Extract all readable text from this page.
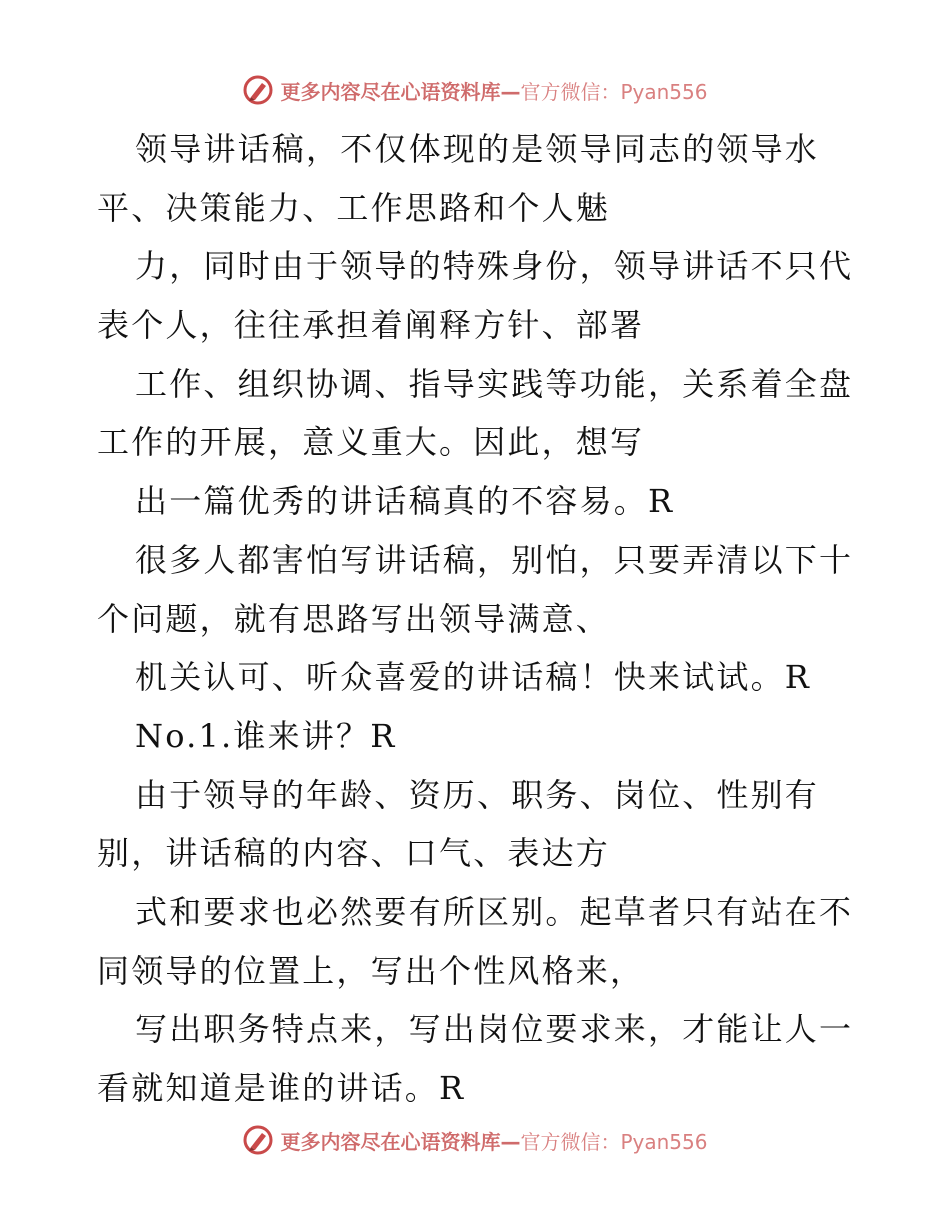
更多内容尽在心语资料库—官方微信：Pyan556
领导讲话稿，不仅体现的是领导同志的领导水
平、决策能力、工作思路和个人魅
力，同时由于领导的特殊身份，领导讲话不只代
表个人，往往承担着阐释方针、部署
工作、组织协调、指导实践等功能，关系着全盘
工作的开展，意义重大。因此，想写
出一篇优秀的讲话稿真的不容易。R
很多人都害怕写讲话稿，别怕，只要弄清以下十
个问题，就有思路写出领导满意、
机关认可、听众喜爱的讲话稿！快来试试。R
No.1.谁来讲？R
由于领导的年龄、资历、职务、岗位、性别有
别，讲话稿的内容、口气、表达方
式和要求也必然要有所区别。起草者只有站在不
同领导的位置上，写出个性风格来，
写出职务特点来，写出岗位要求来，才能让人一
看就知道是谁的讲话。R
更多内容尽在心语资料库—官方微信：Pyan556
